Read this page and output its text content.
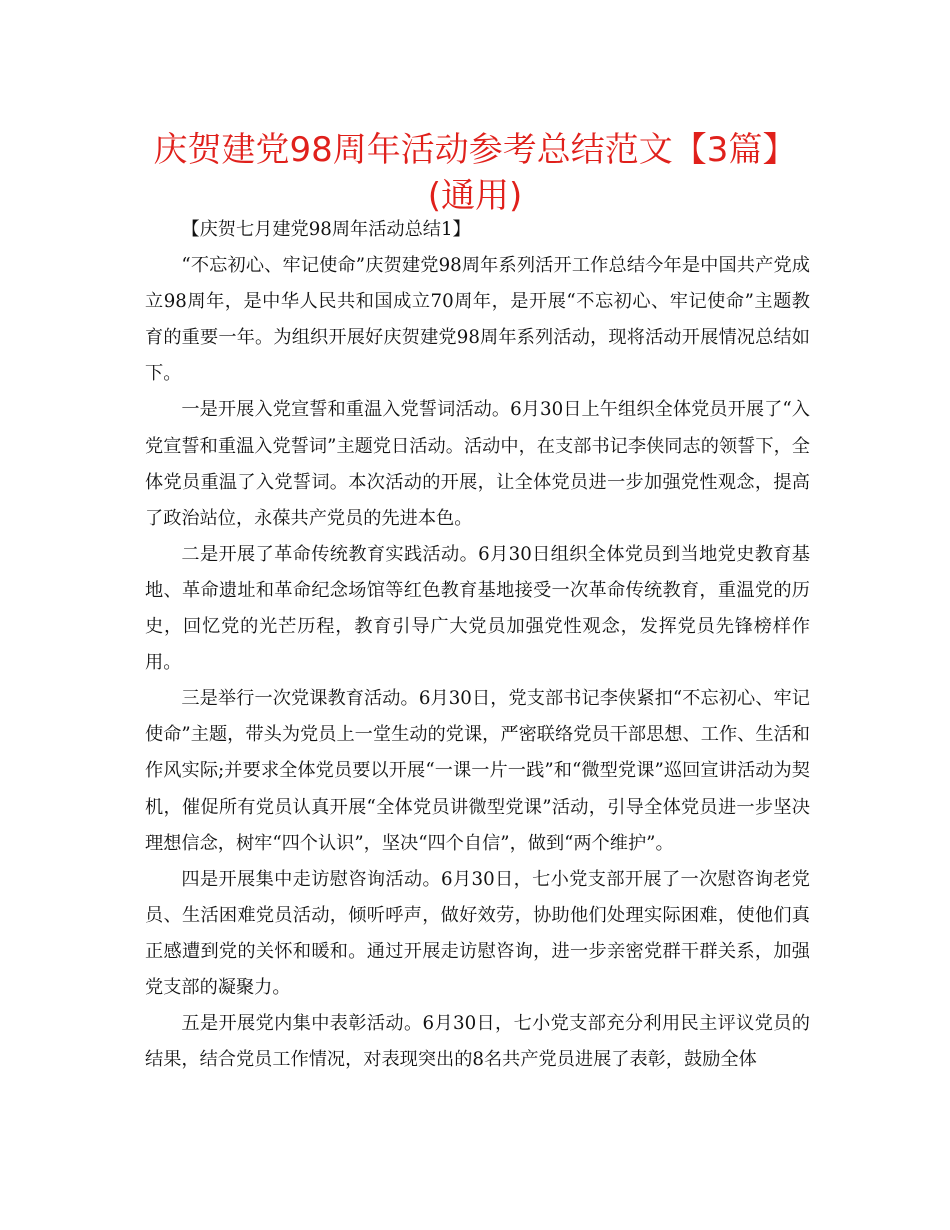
庆贺建党98周年活动参考总结范文【3篇】
(通用)

【庆贺七月建党98周年活动总结1】

“不忘初心、牢记使命”庆贺建党98周年系列活开工作总结今年是中国共产党成立98周年，是中华人民共和国成立70周年，是开展“不忘初心、牢记使命”主题教育的重要一年。为组织开展好庆贺建党98周年系列活动，现将活动开展情况总结如下。

一是开展入党宣誓和重温入党誓词活动。6月30日上午组织全体党员开展了“入党宣誓和重温入党誓词”主题党日活动。活动中，在支部书记李侠同志的领誓下，全体党员重温了入党誓词。本次活动的开展，让全体党员进一步加强党性观念，提高了政治站位，永葆共产党员的先进本色。

二是开展了革命传统教育实践活动。6月30日组织全体党员到当地党史教育基地、革命遗址和革命纪念场馆等红色教育基地接受一次革命传统教育，重温党的历史，回忆党的光芒历程，教育引导广大党员加强党性观念，发挥党员先锋榜样作用。

三是举行一次党课教育活动。6月30日，党支部书记李侠紧扣“不忘初心、牢记使命”主题，带头为党员上一堂生动的党课，严密联络党员干部思想、工作、生活和作风实际;并要求全体党员要以开展“一课一片一践”和“微型党课”巡回宣讲活动为契机，催促所有党员认真开展“全体党员讲微型党课”活动，引导全体党员进一步坚决理想信念，树牢“四个认识”，坚决“四个自信”，做到“两个维护”。

四是开展集中走访慰咨询活动。6月30日，七小党支部开展了一次慰咨询老党员、生活困难党员活动，倾听呼声，做好效劳，协助他们处理实际困难，使他们真正感遭到党的关怀和暖和。通过开展走访慰咨询，进一步亲密党群干群关系，加强党支部的凝聚力。

五是开展党内集中表彰活动。6月30日，七小党支部充分利用民主评议党员的结果，结合党员工作情况，对表现突出的8名共产党员进展了表彰，鼓励全体
